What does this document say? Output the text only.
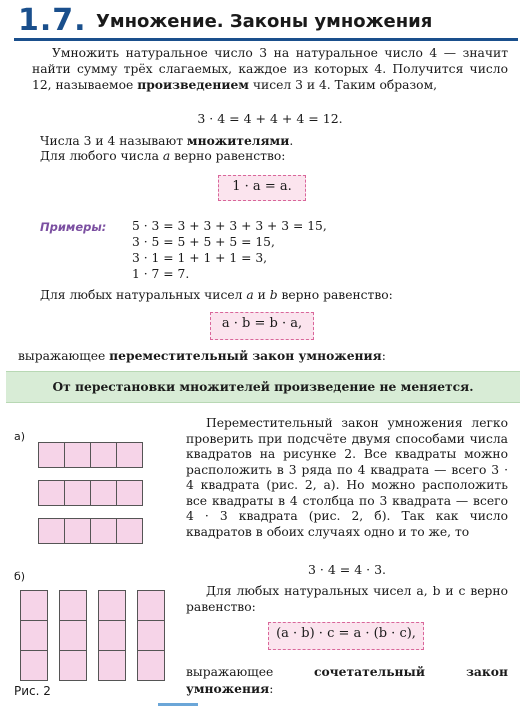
1.7. Умножение. Законы умножения

Умножить натуральное число 3 на натуральное число 4 — значит найти сумму трёх слагаемых, каждое из которых 4. Получится число 12, называемое произведением чисел 3 и 4. Таким образом,

3 · 4 = 4 + 4 + 4 = 12.

Числа 3 и 4 называют множителями.

Для любого числа a верно равенство:

1 · a = a.
Примеры: 5 · 3 = 3 + 3 + 3 + 3 + 3 = 15,
3 · 5 = 5 + 5 + 5 = 15,
3 · 1 = 1 + 1 + 1 = 3,
1 · 7 = 7.

Для любых натуральных чисел a и b верно равенство:

a · b = b · a,

выражающее переместительный закон умножения:

От перестановки множителей произведение не меняется.
а)
б)
Рис. 2

Переместительный закон умножения легко проверить при подсчёте двумя способами числа квадратов на рисунке 2. Все квадраты можно расположить в 3 ряда по 4 квадрата — всего 3 · 4 квадрата (рис. 2, а). Но можно расположить все квадраты в 4 столбца по 3 квадрата — всего 4 · 3 квадрата (рис. 2, б). Так как число квадратов в обоих случаях одно и то же, то

3 · 4 = 4 · 3.

Для любых натуральных чисел a, b и c верно равенство:

(a · b) · c = a · (b · c),

выражающее сочетательный закон умножения:
